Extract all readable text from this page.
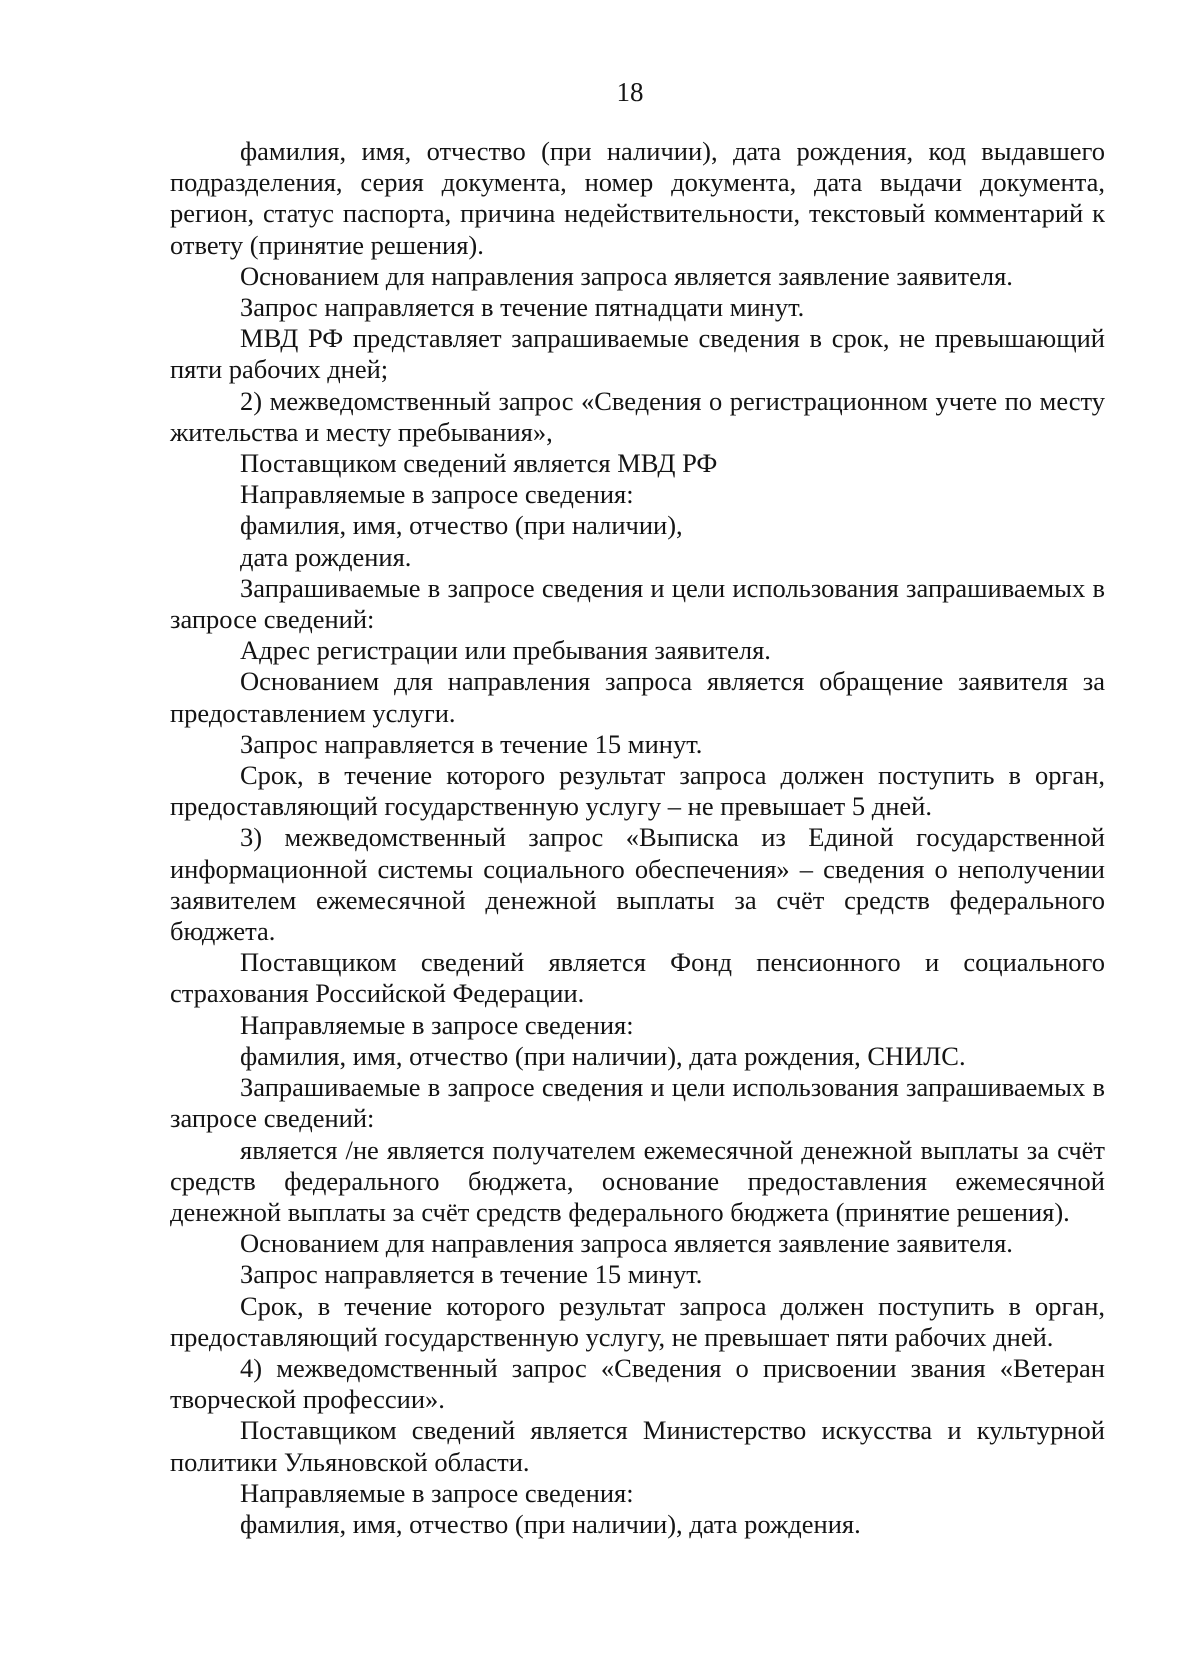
18

фамилия, имя, отчество (при наличии), дата рождения, код выдавшего подразделения, серия документа, номер документа, дата выдачи документа, регион, статус паспорта, причина недействительности, текстовый комментарий к ответу (принятие решения).

Основанием для направления запроса является заявление заявителя.

Запрос направляется в течение пятнадцати минут.

МВД РФ представляет запрашиваемые сведения в срок, не превышающий пяти рабочих дней;

2) межведомственный запрос «Сведения о регистрационном учете по месту жительства и месту пребывания»,

Поставщиком сведений является МВД РФ

Направляемые в запросе сведения:

фамилия, имя, отчество (при наличии),

дата рождения.

Запрашиваемые в запросе сведения и цели использования запрашиваемых в запросе сведений:

Адрес регистрации или пребывания заявителя.

Основанием для направления запроса является обращение заявителя за предоставлением услуги.

Запрос направляется в течение 15 минут.

Срок, в течение которого результат запроса должен поступить в орган, предоставляющий государственную услугу – не превышает 5 дней.

3) межведомственный запрос «Выписка из Единой государственной информационной системы социального обеспечения» – сведения о неполучении заявителем ежемесячной денежной выплаты за счёт средств федерального бюджета.

Поставщиком сведений является Фонд пенсионного и социального страхования Российской Федерации.

Направляемые в запросе сведения:

фамилия, имя, отчество (при наличии), дата рождения, СНИЛС.

Запрашиваемые в запросе сведения и цели использования запрашиваемых в запросе сведений:

является /не является получателем ежемесячной денежной выплаты за счёт средств федерального бюджета, основание предоставления ежемесячной денежной выплаты за счёт средств федерального бюджета (принятие решения).

Основанием для направления запроса является заявление заявителя.

Запрос направляется в течение 15 минут.

Срок, в течение которого результат запроса должен поступить в орган, предоставляющий государственную услугу, не превышает пяти рабочих дней.

4) межведомственный запрос «Сведения о присвоении звания «Ветеран творческой профессии».

Поставщиком сведений является Министерство искусства и культурной политики Ульяновской области.

Направляемые в запросе сведения:

фамилия, имя, отчество (при наличии), дата рождения.
